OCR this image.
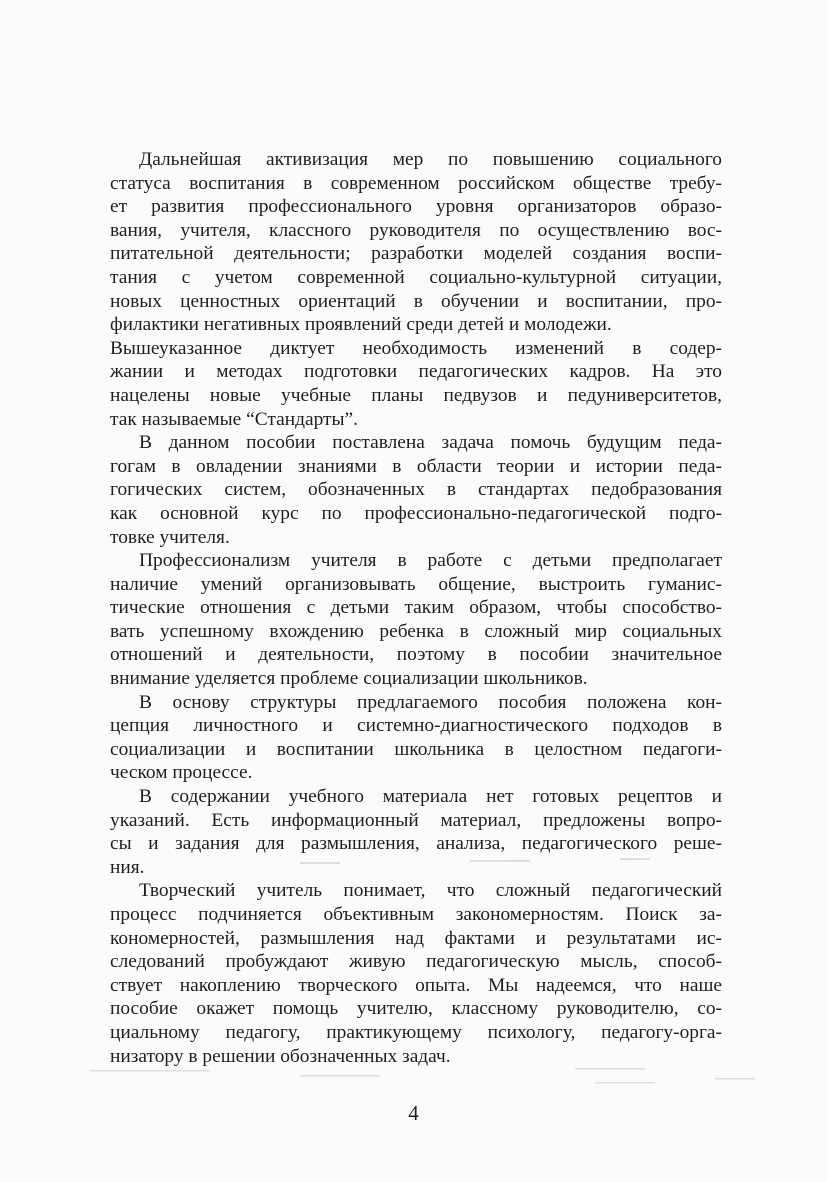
Дальнейшая активизация мер по повышению социального
статуса воспитания в современном российском обществе требу-
ет развития профессионального уровня организаторов образо-
вания, учителя, классного руководителя по осуществлению вос-
питательной деятельности; разработки моделей создания воспи-
тания с учетом современной социально-культурной ситуации,
новых ценностных ориентаций в обучении и воспитании, про-
филактики негативных проявлений среди детей и молодежи.
Вышеуказанное диктует необходимость изменений в содер-
жании и методах подготовки педагогических кадров. На это
нацелены новые учебные планы педвузов и педуниверситетов,
так называемые “Стандарты”.
В данном пособии поставлена задача помочь будущим педа-
гогам в овладении знаниями в области теории и истории педа-
гогических систем, обозначенных в стандартах педобразования
как основной курс по профессионально-педагогической подго-
товке учителя.
Профессионализм учителя в работе с детьми предполагает
наличие умений организовывать общение, выстроить гуманис-
тические отношения с детьми таким образом, чтобы способство-
вать успешному вхождению ребенка в сложный мир социальных
отношений и деятельности, поэтому в пособии значительное
внимание уделяется проблеме социализации школьников.
В основу структуры предлагаемого пособия положена кон-
цепция личностного и системно-диагностического подходов в
социализации и воспитании школьника в целостном педагоги-
ческом процессе.
В содержании учебного материала нет готовых рецептов и
указаний. Есть информационный материал, предложены вопро-
сы и задания для размышления, анализа, педагогического реше-
ния.
Творческий учитель понимает, что сложный педагогический
процесс подчиняется объективным закономерностям. Поиск за-
кономерностей, размышления над фактами и результатами ис-
следований пробуждают живую педагогическую мысль, способ-
ствует накоплению творческого опыта. Мы надеемся, что наше
пособие окажет помощь учителю, классному руководителю, со-
циальному педагогу, практикующему психологу, педагогу-орга-
низатору в решении обозначенных задач.
4
